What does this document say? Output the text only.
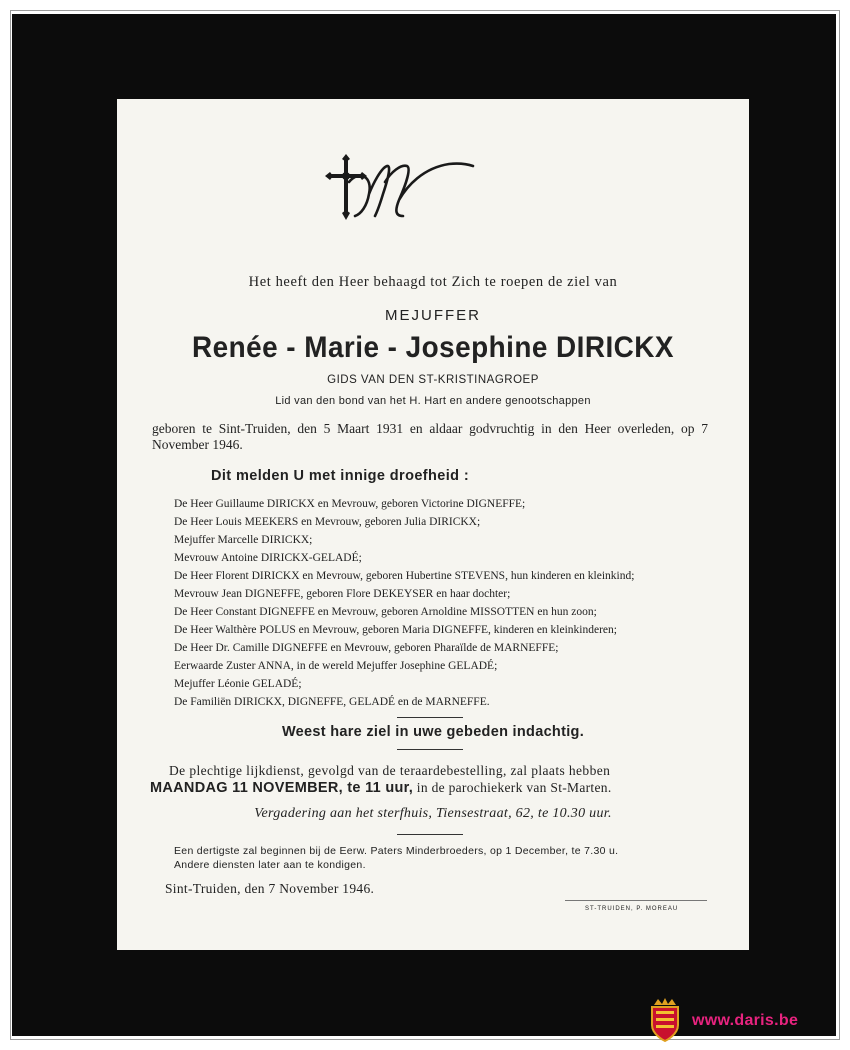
Het heeft den Heer behaagd tot Zich te roepen de ziel van
MEJUFFER
Renée - Marie - Josephine DIRICKX
GIDS VAN DEN ST-KRISTINAGROEP
Lid van den bond van het H. Hart en andere genootschappen
geboren te Sint-Truiden, den 5 Maart 1931 en aldaar godvruchtig in den Heer overleden, op 7 November 1946.
Dit melden U met innige droefheid :
De Heer Guillaume DIRICKX en Mevrouw, geboren Victorine DIGNEFFE;
De Heer Louis MEEKERS en Mevrouw, geboren Julia DIRICKX;
Mejuffer Marcelle DIRICKX;
Mevrouw Antoine DIRICKX-GELADÉ;
De Heer Florent DIRICKX en Mevrouw, geboren Hubertine STEVENS, hun kinderen en kleinkind;
Mevrouw Jean DIGNEFFE, geboren Flore DEKEYSER en haar dochter;
De Heer Constant DIGNEFFE en Mevrouw, geboren Arnoldine MISSOTTEN en hun zoon;
De Heer Walthère POLUS en Mevrouw, geboren Maria DIGNEFFE, kinderen en kleinkinderen;
De Heer Dr. Camille DIGNEFFE en Mevrouw, geboren Pharaïlde de MARNEFFE;
Eerwaarde Zuster ANNA, in de wereld Mejuffer Josephine GELADÉ;
Mejuffer Léonie GELADÉ;
De Familiën DIRICKX, DIGNEFFE, GELADÉ en de MARNEFFE.
Weest hare ziel in uwe gebeden indachtig.
De plechtige lijkdienst, gevolgd van de teraardebestelling, zal plaats hebben
MAANDAG 11 NOVEMBER, te 11 uur, in de parochiekerk van St-Marten.
Vergadering aan het sterfhuis, Tiensestraat, 62, te 10.30 uur.
Een dertigste zal beginnen bij de Eerw. Paters Minderbroeders, op 1 December, te 7.30 u.
Andere diensten later aan te kondigen.
Sint-Truiden, den 7 November 1946.
ST-TRUIDEN, P. MOREAU
www.daris.be
